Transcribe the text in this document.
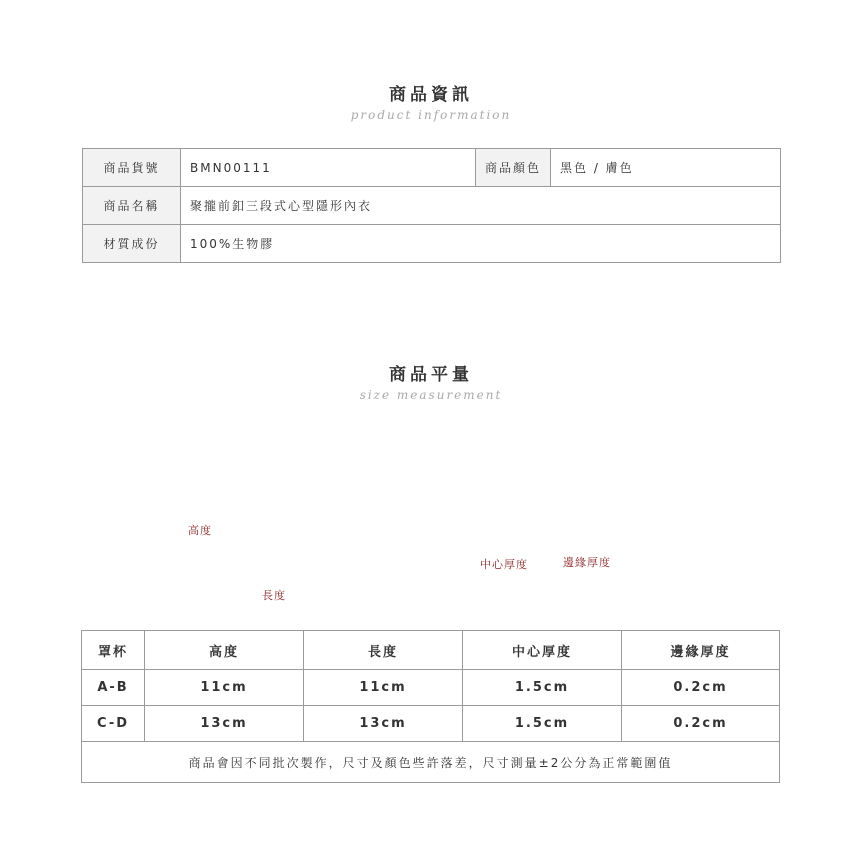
商品資訊
product information
商品貨號	BMN00111	商品顏色	黑色 / 膚色
商品名稱	聚攏前釦三段式心型隱形內衣		
材質成份	100%生物膠		
商品平量
size measurement
高度
長度
中心厚度	邊緣厚度
罩杯	高度	長度	中心厚度	邊緣厚度
A-B	11cm	11cm	1.5cm	0.2cm
C-D	13cm	13cm	1.5cm	0.2cm
商品會因不同批次製作，尺寸及顏色些許落差，尺寸測量±2公分為正常範圍值				
